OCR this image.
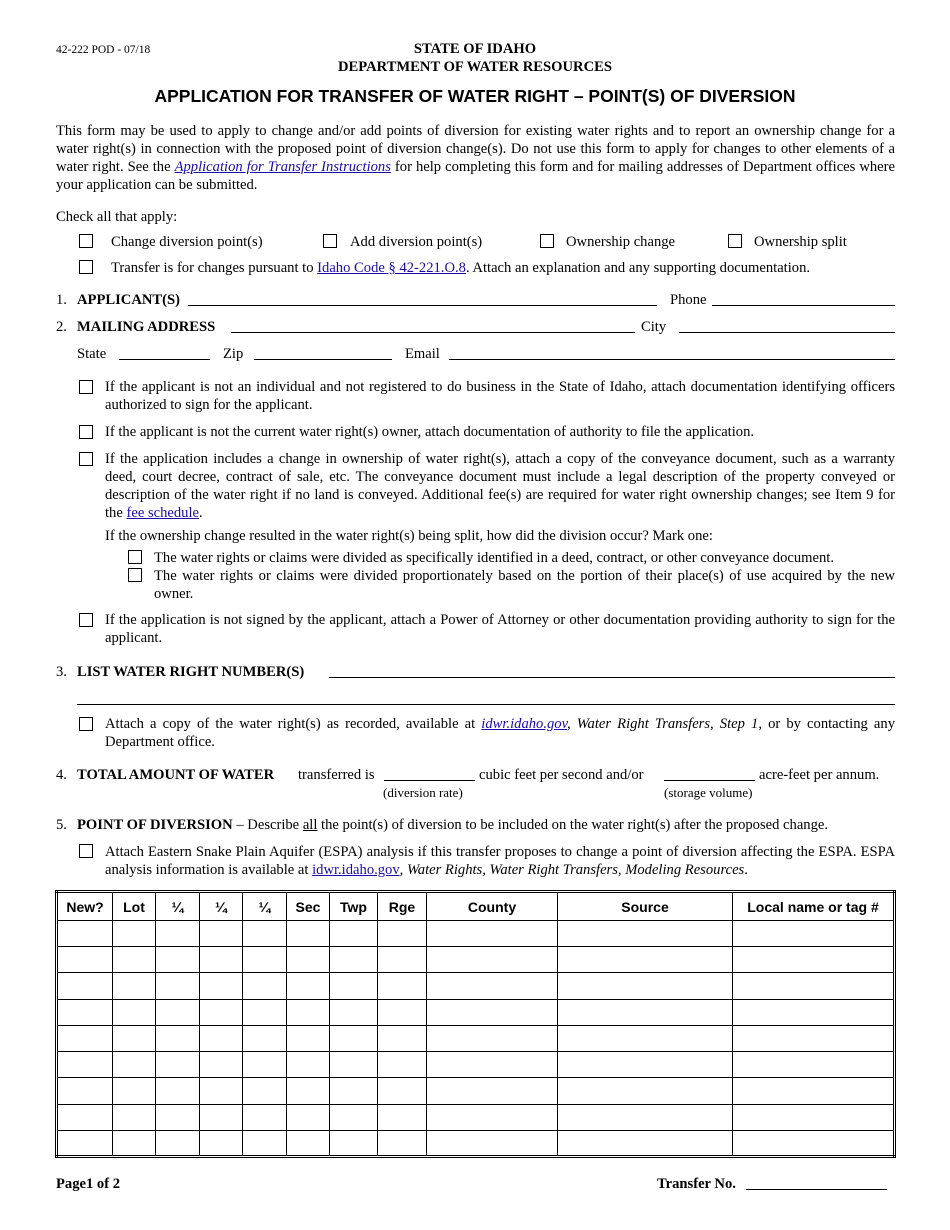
42-222 POD - 07/18	STATE OF IDAHO
DEPARTMENT OF WATER RESOURCES
APPLICATION FOR TRANSFER OF WATER RIGHT – POINT(S) OF DIVERSION
This form may be used to apply to change and/or add points of diversion for existing water rights and to report an ownership change for a water right(s) in connection with the proposed point of diversion change(s). Do not use this form to apply for changes to other elements of a water right. See the Application for Transfer Instructions for help completing this form and for mailing addresses of Department offices where your application can be submitted.
Check all that apply:
Change diversion point(s)	Add diversion point(s)	Ownership change	Ownership split
Transfer is for changes pursuant to Idaho Code § 42-221.O.8. Attach an explanation and any supporting documentation.
1. APPLICANT(S)	Phone
2. MAILING ADDRESS	City
State	Zip	Email
If the applicant is not an individual and not registered to do business in the State of Idaho, attach documentation identifying officers authorized to sign for the applicant.
If the applicant is not the current water right(s) owner, attach documentation of authority to file the application.
If the application includes a change in ownership of water right(s), attach a copy of the conveyance document, such as a warranty deed, court decree, contract of sale, etc. The conveyance document must include a legal description of the property conveyed or description of the water right if no land is conveyed. Additional fee(s) are required for water right ownership changes; see Item 9 for the fee schedule.
If the ownership change resulted in the water right(s) being split, how did the division occur? Mark one:
The water rights or claims were divided as specifically identified in a deed, contract, or other conveyance document.
The water rights or claims were divided proportionately based on the portion of their place(s) of use acquired by the new owner.
If the application is not signed by the applicant, attach a Power of Attorney or other documentation providing authority to sign for the applicant.
3. LIST WATER RIGHT NUMBER(S)
Attach a copy of the water right(s) as recorded, available at idwr.idaho.gov, Water Right Transfers, Step 1, or by contacting any Department office.
4. TOTAL AMOUNT OF WATER transferred is	cubic feet per second and/or	acre-feet per annum.
(diversion rate)	(storage volume)
5. POINT OF DIVERSION – Describe all the point(s) of diversion to be included on the water right(s) after the proposed change.
Attach Eastern Snake Plain Aquifer (ESPA) analysis if this transfer proposes to change a point of diversion affecting the ESPA. ESPA analysis information is available at idwr.idaho.gov, Water Rights, Water Right Transfers, Modeling Resources.
New?	Lot	¼	¼	¼	Sec	Twp	Rge	County	Source	Local name or tag #

Page1 of 2	Transfer No.
